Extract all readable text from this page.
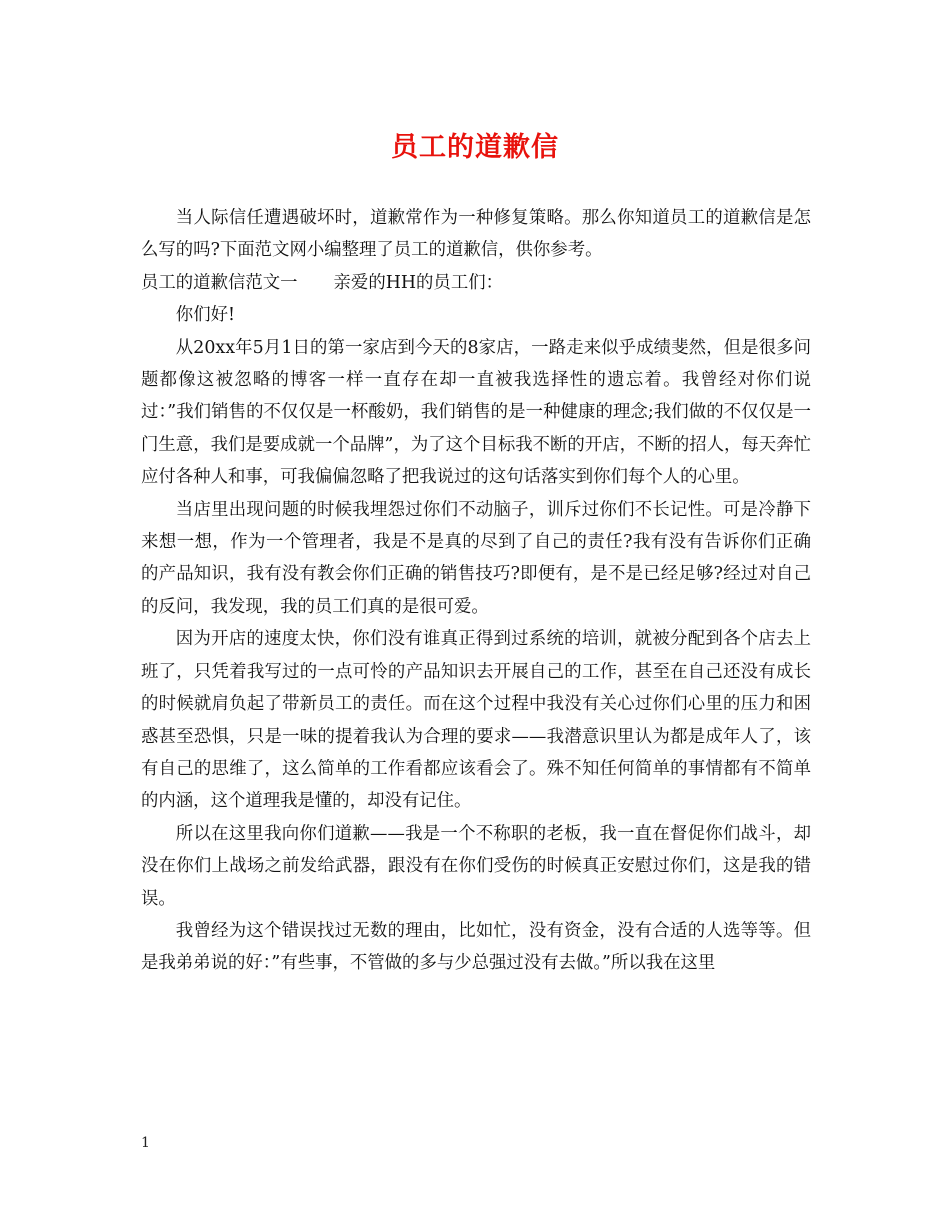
员工的道歉信

当人际信任遭遇破坏时，道歉常作为一种修复策略。那么你知道员工的道歉信是怎么写的吗?下面范文网小编整理了员工的道歉信，供你参考。

员工的道歉信范文一 亲爱的HH的员工们：

你们好!

从20xx年5月1日的第一家店到今天的8家店，一路走来似乎成绩斐然，但是很多问题都像这被忽略的博客一样一直存在却一直被我选择性的遗忘着。我曾经对你们说过：”我们销售的不仅仅是一杯酸奶，我们销售的是一种健康的理念;我们做的不仅仅是一门生意，我们是要成就一个品牌”，为了这个目标我不断的开店，不断的招人，每天奔忙应付各种人和事，可我偏偏忽略了把我说过的这句话落实到你们每个人的心里。

当店里出现问题的时候我埋怨过你们不动脑子，训斥过你们不长记性。可是冷静下来想一想，作为一个管理者，我是不是真的尽到了自己的责任?我有没有告诉你们正确的产品知识，我有没有教会你们正确的销售技巧?即便有，是不是已经足够?经过对自己的反问，我发现，我的员工们真的是很可爱。

因为开店的速度太快，你们没有谁真正得到过系统的培训，就被分配到各个店去上班了，只凭着我写过的一点可怜的产品知识去开展自己的工作，甚至在自己还没有成长的时候就肩负起了带新员工的责任。而在这个过程中我没有关心过你们心里的压力和困惑甚至恐惧，只是一味的提着我认为合理的要求——我潜意识里认为都是成年人了，该有自己的思维了，这么简单的工作看都应该看会了。殊不知任何简单的事情都有不简单的内涵，这个道理我是懂的，却没有记住。

所以在这里我向你们道歉——我是一个不称职的老板，我一直在督促你们战斗，却没在你们上战场之前发给武器，跟没有在你们受伤的时候真正安慰过你们，这是我的错误。

我曾经为这个错误找过无数的理由，比如忙，没有资金，没有合适的人选等等。但是我弟弟说的好：”有些事，不管做的多与少总强过没有去做。”所以我在这里

1
